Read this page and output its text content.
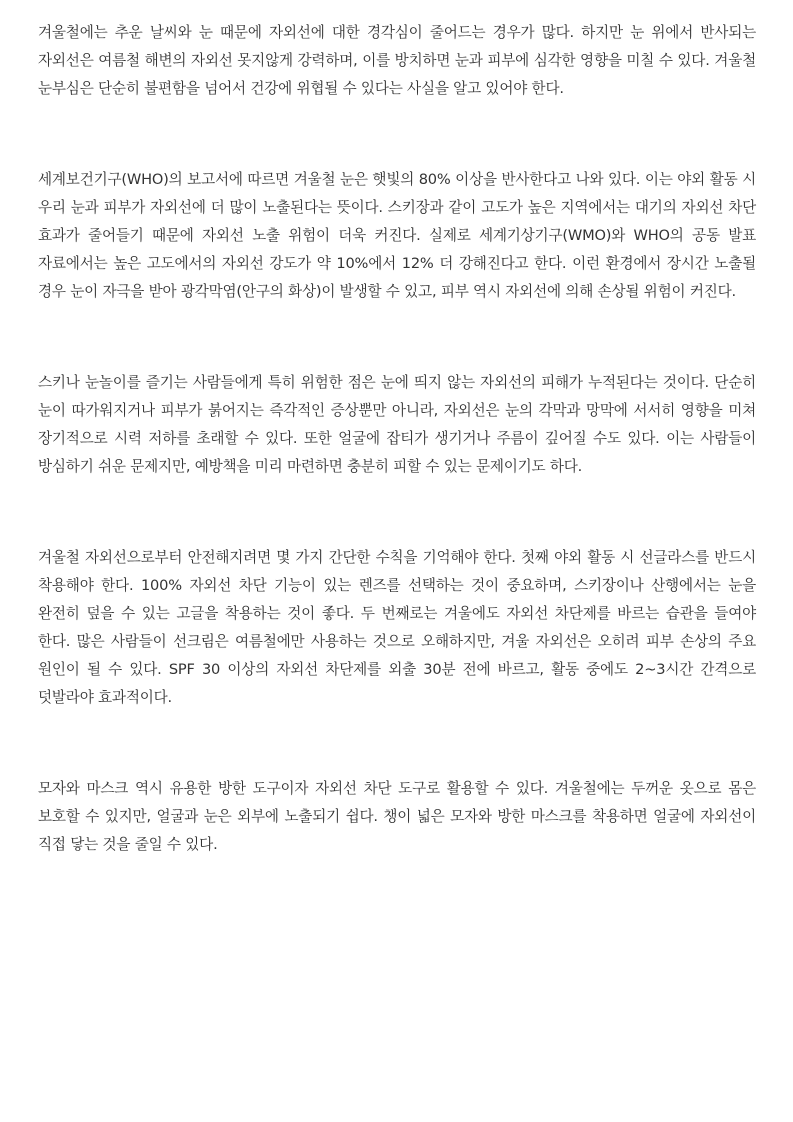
겨울철에는 추운 날씨와 눈 때문에 자외선에 대한 경각심이 줄어드는 경우가 많다. 하지만 눈 위에서 반사되는 자외선은 여름철 해변의 자외선 못지않게 강력하며, 이를 방치하면 눈과 피부에 심각한 영향을 미칠 수 있다. 겨울철 눈부심은 단순히 불편함을 넘어서 건강에 위협될 수 있다는 사실을 알고 있어야 한다.

세계보건기구(WHO)의 보고서에 따르면 겨울철 눈은 햇빛의 80% 이상을 반사한다고 나와 있다. 이는 야외 활동 시 우리 눈과 피부가 자외선에 더 많이 노출된다는 뜻이다. 스키장과 같이 고도가 높은 지역에서는 대기의 자외선 차단 효과가 줄어들기 때문에 자외선 노출 위험이 더욱 커진다. 실제로 세계기상기구(WMO)와 WHO의 공동 발표 자료에서는 높은 고도에서의 자외선 강도가 약 10%에서 12% 더 강해진다고 한다. 이런 환경에서 장시간 노출될 경우 눈이 자극을 받아 광각막염(안구의 화상)이 발생할 수 있고, 피부 역시 자외선에 의해 손상될 위험이 커진다.

스키나 눈놀이를 즐기는 사람들에게 특히 위험한 점은 눈에 띄지 않는 자외선의 피해가 누적된다는 것이다. 단순히 눈이 따가워지거나 피부가 붉어지는 즉각적인 증상뿐만 아니라, 자외선은 눈의 각막과 망막에 서서히 영향을 미쳐 장기적으로 시력 저하를 초래할 수 있다. 또한 얼굴에 잡티가 생기거나 주름이 깊어질 수도 있다. 이는 사람들이 방심하기 쉬운 문제지만, 예방책을 미리 마련하면 충분히 피할 수 있는 문제이기도 하다.

겨울철 자외선으로부터 안전해지려면 몇 가지 간단한 수칙을 기억해야 한다. 첫째 야외 활동 시 선글라스를 반드시 착용해야 한다. 100% 자외선 차단 기능이 있는 렌즈를 선택하는 것이 중요하며, 스키장이나 산행에서는 눈을 완전히 덮을 수 있는 고글을 착용하는 것이 좋다. 두 번째로는 겨울에도 자외선 차단제를 바르는 습관을 들여야 한다. 많은 사람들이 선크림은 여름철에만 사용하는 것으로 오해하지만, 겨울 자외선은 오히려 피부 손상의 주요 원인이 될 수 있다. SPF 30 이상의 자외선 차단제를 외출 30분 전에 바르고, 활동 중에도 2~3시간 간격으로 덧발라야 효과적이다.

모자와 마스크 역시 유용한 방한 도구이자 자외선 차단 도구로 활용할 수 있다. 겨울철에는 두꺼운 옷으로 몸은 보호할 수 있지만, 얼굴과 눈은 외부에 노출되기 쉽다. 챙이 넓은 모자와 방한 마스크를 착용하면 얼굴에 자외선이 직접 닿는 것을 줄일 수 있다.
